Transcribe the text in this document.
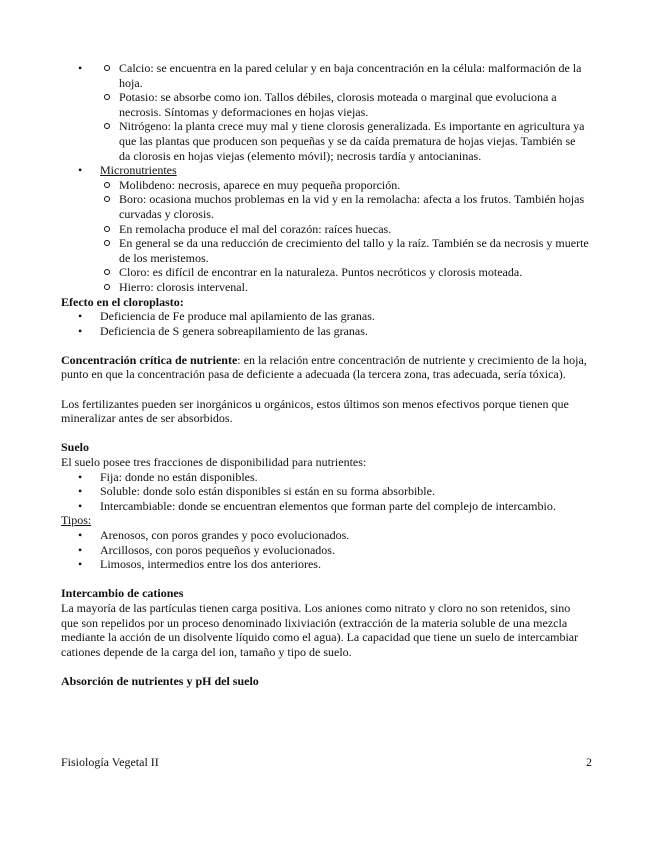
• Calcio: se encuentra en la pared celular y en baja concentración en la célula: malformación de la hoja.
Potasio: se absorbe como ion. Tallos débiles, clorosis moteada o marginal que evoluciona a necrosis. Síntomas y deformaciones en hojas viejas.
Nitrógeno: la planta crece muy mal y tiene clorosis generalizada. Es importante en agricultura ya que las plantas que producen son pequeñas y se da caída prematura de hojas viejas. También se da clorosis en hojas viejas (elemento móvil); necrosis tardía y antocianinas.
• Micronutrientes
Molibdeno: necrosis, aparece en muy pequeña proporción.
Boro: ocasiona muchos problemas en la vid y en la remolacha: afecta a los frutos. También hojas curvadas y clorosis.
En remolacha produce el mal del corazón: raíces huecas.
En general se da una reducción de crecimiento del tallo y la raíz. También se da necrosis y muerte de los meristemos.
Cloro: es difícil de encontrar en la naturaleza. Puntos necróticos y clorosis moteada.
Hierro: clorosis intervenal.

Efecto en el cloroplasto:

• Deficiencia de Fe produce mal apilamiento de las granas.
• Deficiencia de S genera sobreapilamiento de las granas.

Concentración crítica de nutriente: en la relación entre concentración de nutriente y crecimiento de la hoja, punto en que la concentración pasa de deficiente a adecuada (la tercera zona, tras adecuada, sería tóxica).

Los fertilizantes pueden ser inorgánicos u orgánicos, estos últimos son menos efectivos porque tienen que mineralizar antes de ser absorbidos.

Suelo

El suelo posee tres fracciones de disponibilidad para nutrientes:

• Fija: donde no están disponibles.
• Soluble: donde solo están disponibles si están en su forma absorbible.
• Intercambiable: donde se encuentran elementos que forman parte del complejo de intercambio.

Tipos:

• Arenosos, con poros grandes y poco evolucionados.
• Arcillosos, con poros pequeños y evolucionados.
• Limosos, intermedios entre los dos anteriores.

Intercambio de cationes

La mayoría de las partículas tienen carga positiva. Los aniones como nitrato y cloro no son retenidos, sino que son repelidos por un proceso denominado lixiviación (extracción de la materia soluble de una mezcla mediante la acción de un disolvente líquido como el agua). La capacidad que tiene un suelo de intercambiar cationes depende de la carga del ion, tamaño y tipo de suelo.

Absorción de nutrientes y pH del suelo

Fisiología Vegetal II	2
